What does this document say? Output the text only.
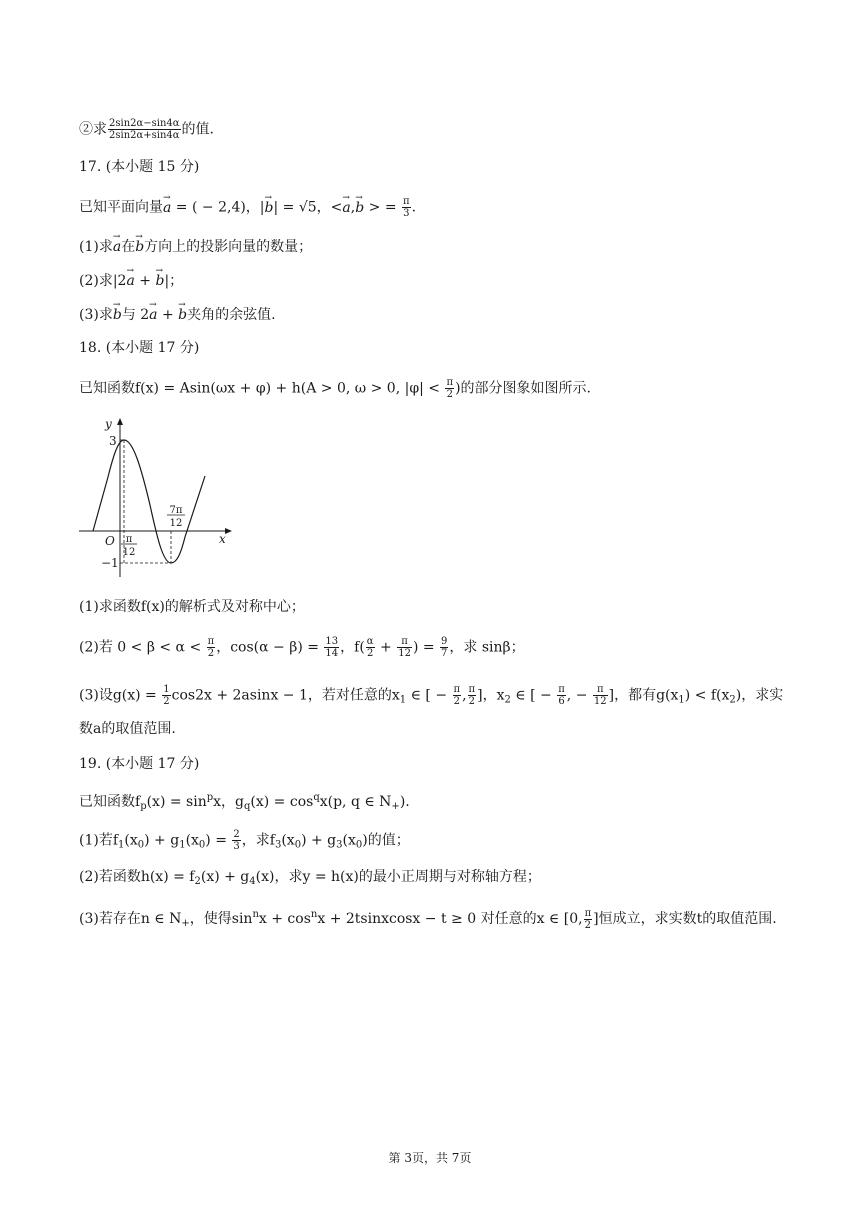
②求 $\frac{2\sin 2\alpha-\sin 4\alpha}{2\sin 2\alpha+\sin 4\alpha}$ 的值.
17. (本小题 15 分)
已知平面向量→ a = ( − 2,4)，|→ b| = √5，<→ a,→ b > = $\frac{\pi}{3}$ .
(1)求→ a在→ b方向上的投影向量的数量；
(2)求|2→ a + → b|；
(3)求→ b与 2→ a + → b夹角的余弦值.
18. (本小题 17 分)
已知函数f(x) = Asin(ωx + φ) + h(A > 0, ω > 0, $|\varphi| < \frac{\pi}{2}$ )的部分图象如图所示.
y
3
x
O
−1
π
12
7π
12
(1)求函数f(x)的解析式及对称中心；
(2)若 $0 < \beta < \alpha < \frac{\pi}{2}$ ，$\cos(\alpha - \beta) = \frac{13}{14}$ ，$f( \frac{\alpha}{2} + \frac{\pi}{12}$ ) = $\frac{9}{7}$ ，求 sinβ；
(3)设$g(x) = \frac{1}{2} \cos 2x + 2asinx - 1$，若对任意的$x_1$ ∈ [ − $\frac{\pi}{2}$ , $\frac{\pi}{2}$ ]，$x_2$ ∈ [ − $\frac{\pi}{6}$ , − $\frac{\pi}{12}$ ]，都有$g(x_1) < f(x_2)$，求实
数a的取值范围.
19. (本小题 17 分)
已知函数$f_p(x) = \sin^px$，$g_q(x) = \cos^qx(p$, q ∈ $N_+$).
(1)若$f_1(x_0) + g_1(x_0) = \frac{2}{3}$ ，求$f_3(x_0) + g_3(x_0)$的值；
(2)若函数$h(x) = f_2(x) + g_4(x)$，求y = h(x)的最小正周期与对称轴方程；
(3)若存在n ∈ $N_+$，使得$\sin^nx + \cos^nx$ + 2tsinxcosx − t ≥ 0 对任意的x ∈ [0, $\frac{\pi}{2}$ ]恒成立，求实数t的取值范围.
第 3页，共 7页
